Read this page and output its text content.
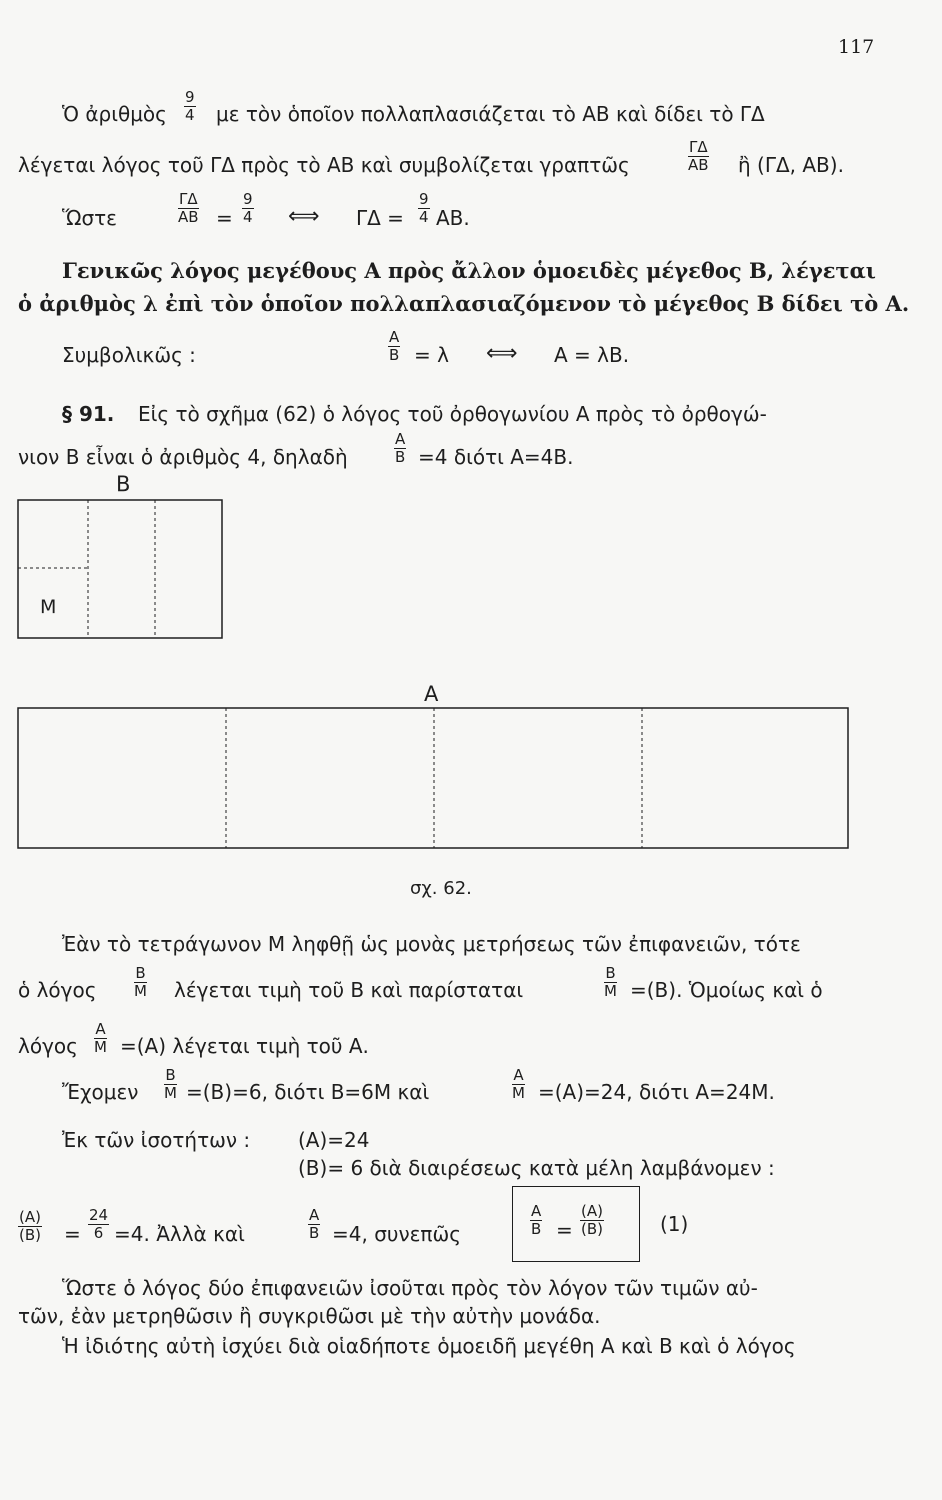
117
Ὁ ἀριθμὸς $\frac{9}{4}$ με τὸν ὁποῖον πολλαπλασιάζεται τὸ ΑΒ καὶ δίδει τὸ ΓΔ
λέγεται λόγος τοῦ ΓΔ πρὸς τὸ ΑΒ καὶ συμβολίζεται γραπτῶς	$\frac{\Gamma\Delta}{AB}$ ἢ (ΓΔ, ΑΒ).
Ὥστε	$\frac{\Gamma\Delta}{AB} = \frac{9}{4}$ ⟺ $\Gamma\Delta = \frac{9}{4} AB$.
Γενικῶς λόγος μεγέθους Α πρὸς ἄλλον ὁμοειδὲς μέγεθος Β, λέγεται
ὁ ἀριθμὸς λ ἐπὶ τὸν ὁποῖον πολλαπλασιαζόμενον τὸ μέγεθος Β δίδει τὸ Α.
Συμβολικῶς :	$\frac{A}{B} = \lambda$ ⟺ Α = λΒ.
§ 91. Εἰς τὸ σχῆμα (62) ὁ λόγος τοῦ ὀρθογωνίου Α πρὸς τὸ ὀρθογώ-
νιον Β εἶναι ὁ ἀριθμὸς 4, δηλαδὴ	$\frac{A}{B} =4$ διότι Α=4Β.
Β
Μ
Α
σχ. 62.
Ἐὰν τὸ τετράγωνον Μ ληφθῇ ὡς μονὰς μετρήσεως τῶν ἐπιφανειῶν, τότε
ὁ λόγος	$\frac{B}{M}$ λέγεται τιμὴ τοῦ Β καὶ παρίσταται	$\frac{B}{M} =(B)$. Ὁμοίως καὶ ὁ
λόγος $\frac{A}{M} =(A)$ λέγεται τιμὴ τοῦ Α.
Ἔχομεν $\frac{B}{M} =(B)=6$, διότι Β=6Μ καὶ	$\frac{A}{M} =(A)=24$, διότι Α=24Μ.
Ἐκ τῶν ἰσοτήτων : (Α)=24
(Β)= 6 διὰ διαιρέσεως κατὰ μέλη λαμβάνομεν :
$\frac{(A)}{(B)} = \frac{24}{6} =4$. Ἀλλὰ καὶ	$\frac{A}{B} =4$, συνεπῶς	$\frac{A}{B} = \frac{(A)}{(B)}$	(1)
Ὥστε ὁ λόγος δύο ἐπιφανειῶν ἰσοῦται πρὸς τὸν λόγον τῶν τιμῶν αὐ-
τῶν, ἐὰν μετρηθῶσιν ἢ συγκριθῶσι μὲ τὴν αὐτὴν μονάδα.
Ἡ ἰδιότης αὐτὴ ἰσχύει διὰ οἱαδήποτε ὁμοειδῆ μεγέθη Α καὶ Β καὶ ὁ λόγος
